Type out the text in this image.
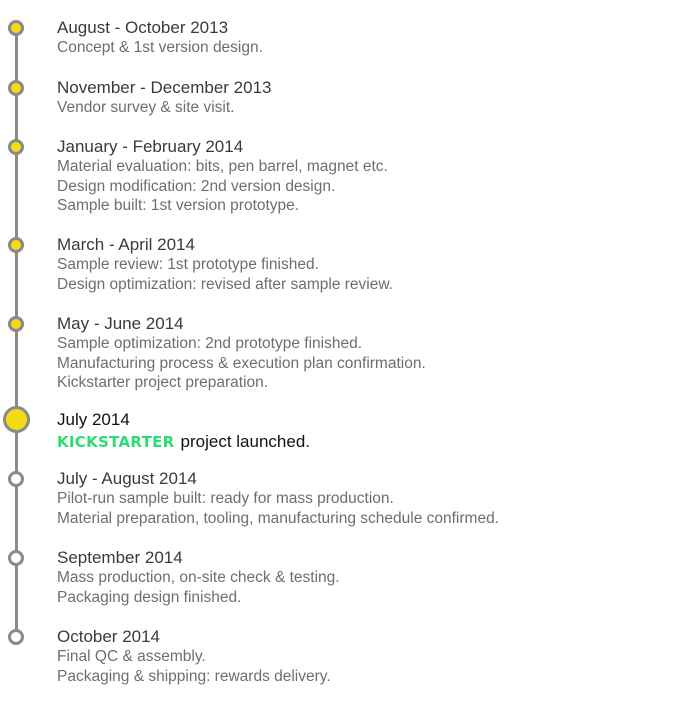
August - October 2013
Concept & 1st version design.
November - December 2013
Vendor survey & site visit.
January - February 2014
Material evaluation: bits, pen barrel, magnet etc.
Design modification: 2nd version design.
Sample built: 1st version prototype.
March - April 2014
Sample review: 1st prototype finished.
Design optimization: revised after sample review.
May - June 2014
Sample optimization: 2nd prototype finished.
Manufacturing process & execution plan confirmation.
Kickstarter project preparation.
July 2014
KICKSTARTER project launched.
July - August 2014
Pilot-run sample built: ready for mass production.
Material preparation, tooling, manufacturing schedule confirmed.
September 2014
Mass production, on-site check & testing.
Packaging design finished.
October 2014
Final QC & assembly.
Packaging & shipping: rewards delivery.
